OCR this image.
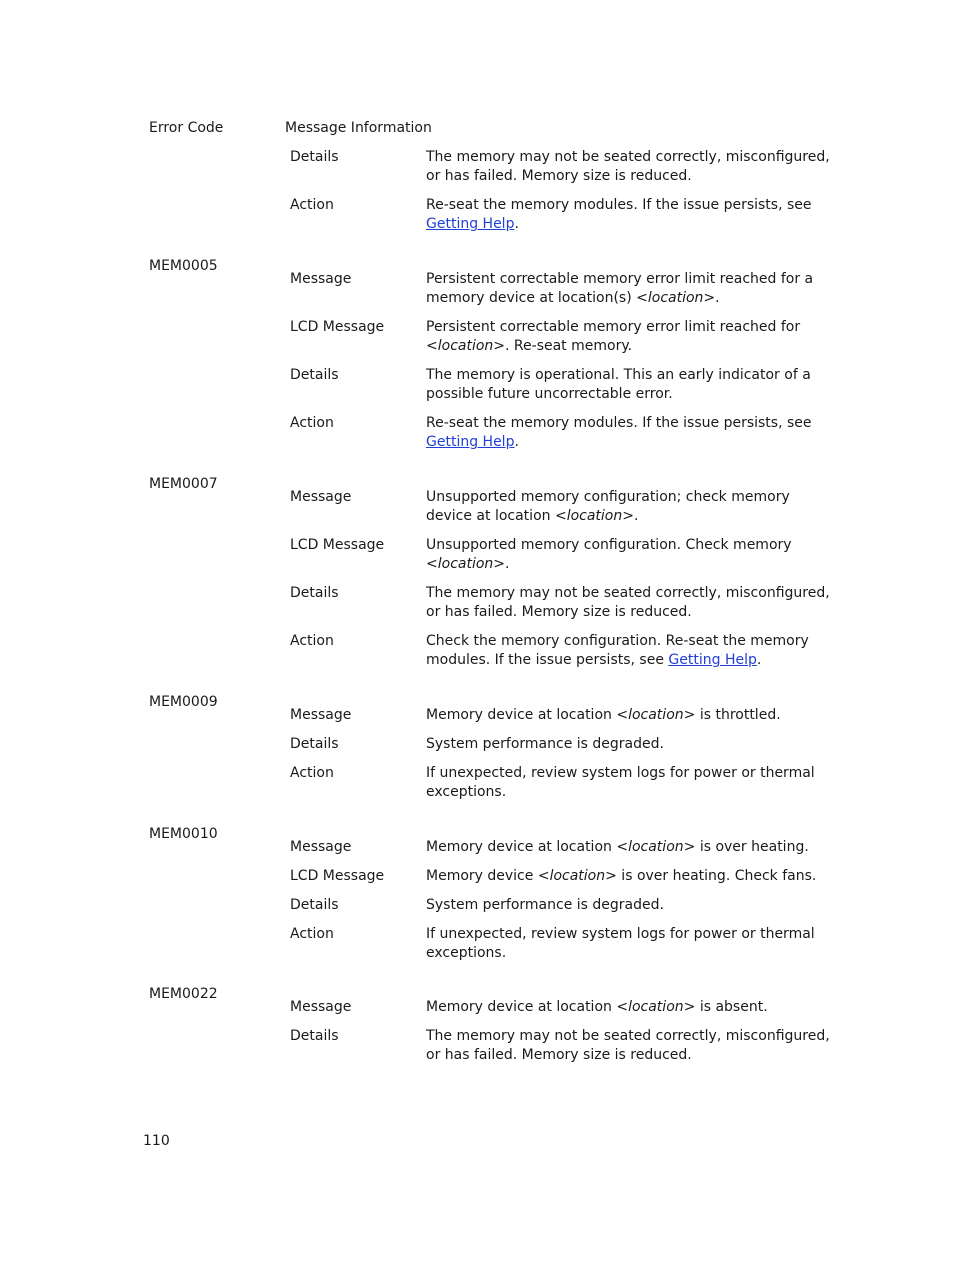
Error Code	Message Information
Details	The memory may not be seated correctly, misconfigured, or has failed. Memory size is reduced.
Action	Re-seat the memory modules. If the issue persists, see Getting Help.
MEM0005
Message	Persistent correctable memory error limit reached for a memory device at location(s) <location>.
LCD Message	Persistent correctable memory error limit reached for <location>. Re-seat memory.
Details	The memory is operational. This an early indicator of a possible future uncorrectable error.
Action	Re-seat the memory modules. If the issue persists, see Getting Help.
MEM0007
Message	Unsupported memory configuration; check memory device at location <location>.
LCD Message	Unsupported memory configuration. Check memory <location>.
Details	The memory may not be seated correctly, misconfigured, or has failed. Memory size is reduced.
Action	Check the memory configuration. Re-seat the memory modules. If the issue persists, see Getting Help.
MEM0009
Message	Memory device at location <location> is throttled.
Details	System performance is degraded.
Action	If unexpected, review system logs for power or thermal exceptions.
MEM0010
Message	Memory device at location <location> is over heating.
LCD Message	Memory device <location> is over heating. Check fans.
Details	System performance is degraded.
Action	If unexpected, review system logs for power or thermal exceptions.
MEM0022
Message	Memory device at location <location> is absent.
Details	The memory may not be seated correctly, misconfigured, or has failed. Memory size is reduced.
110
